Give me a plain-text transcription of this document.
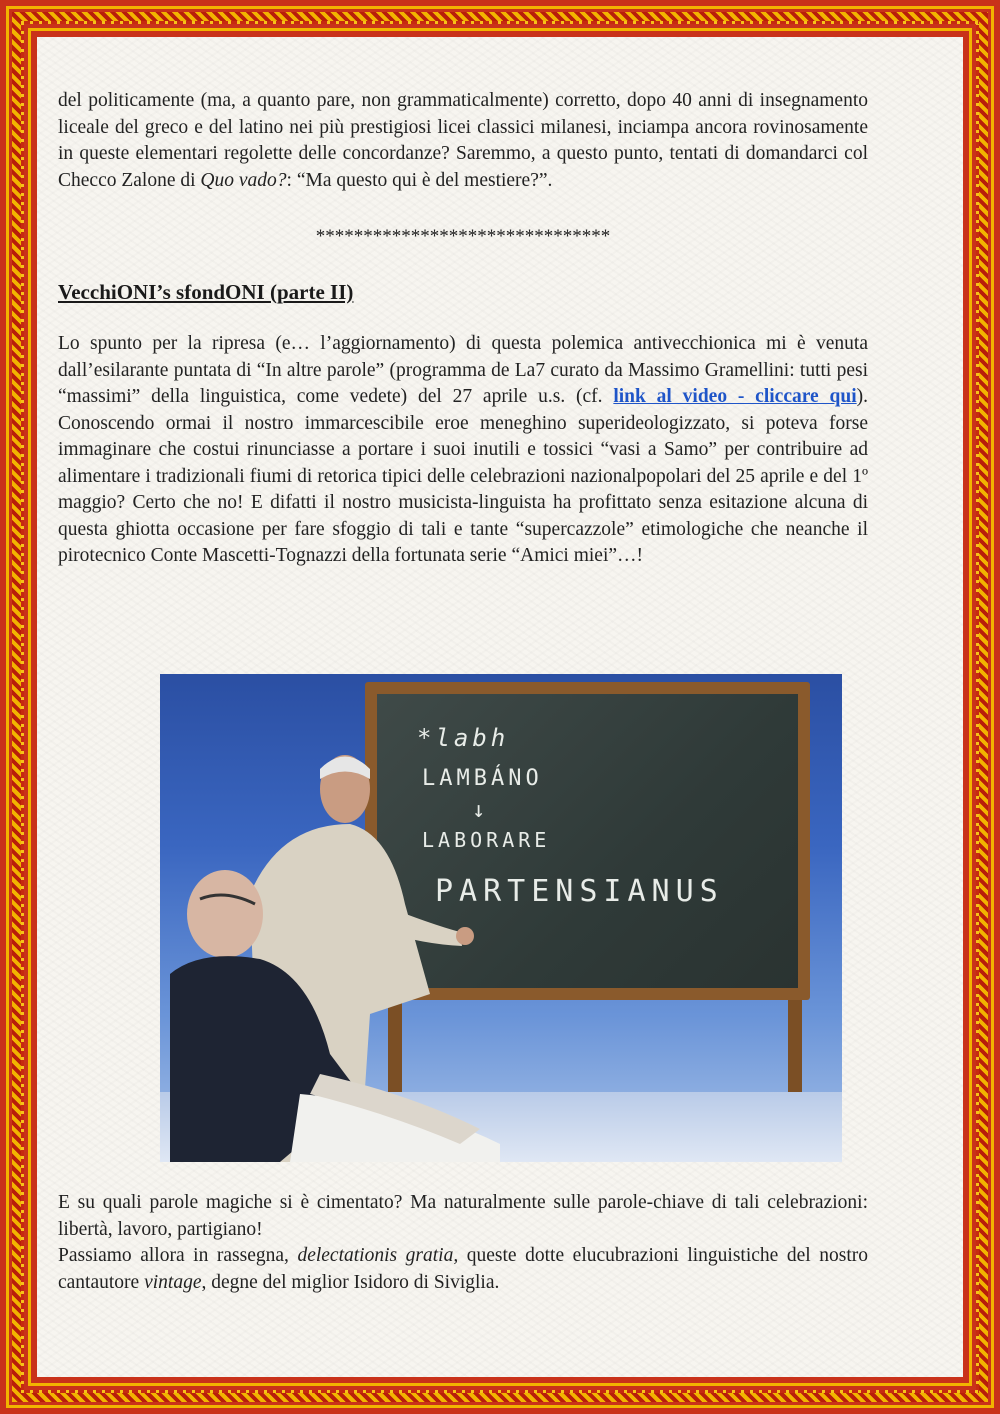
del politicamente (ma, a quanto pare, non grammaticalmente) corretto, dopo 40 anni di insegnamento liceale del greco e del latino nei più prestigiosi licei classici milanesi, inciampa ancora rovinosamente in queste elementari regolette delle concordanze? Saremmo, a questo punto, tentati di domandarci col Checco Zalone di Quo vado?: “Ma questo qui è del mestiere?”.

*******************************
VecchiONI’s sfondONI (parte II)

Lo spunto per la ripresa (e… l’aggiornamento) di questa polemica antivecchionica mi è venuta dall’esilarante puntata di “In altre parole” (programma de La7 curato da Massimo Gramellini: tutti pesi “massimi” della linguistica, come vedete) del 27 aprile u.s. (cf. link al video - cliccare qui). Conoscendo ormai il nostro immarcescibile eroe meneghino superideologizzato, si poteva forse immaginare che costui rinunciasse a portare i suoi inutili e tossici “vasi a Samo” per contribuire ad alimentare i tradizionali fiumi di retorica tipici delle celebrazioni nazionalpopolari del 25 aprile e del 1º maggio? Certo che no! E difatti il nostro musicista-linguista ha profittato senza esitazione alcuna di questa ghiotta occasione per fare sfoggio di tali e tante “supercazzole” etimologiche che neanche il pirotecnico Conte Mascetti-Tognazzi della fortunata serie “Amici miei”…!

*labh
LAMBÁNO
↓
LABORARE
PARTENSIANUS

E su quali parole magiche si è cimentato? Ma naturalmente sulle parole-chiave di tali celebrazioni: libertà, lavoro, partigiano!

Passiamo allora in rassegna, delectationis gratia, queste dotte elucubrazioni linguistiche del nostro cantautore vintage, degne del miglior Isidoro di Siviglia.
